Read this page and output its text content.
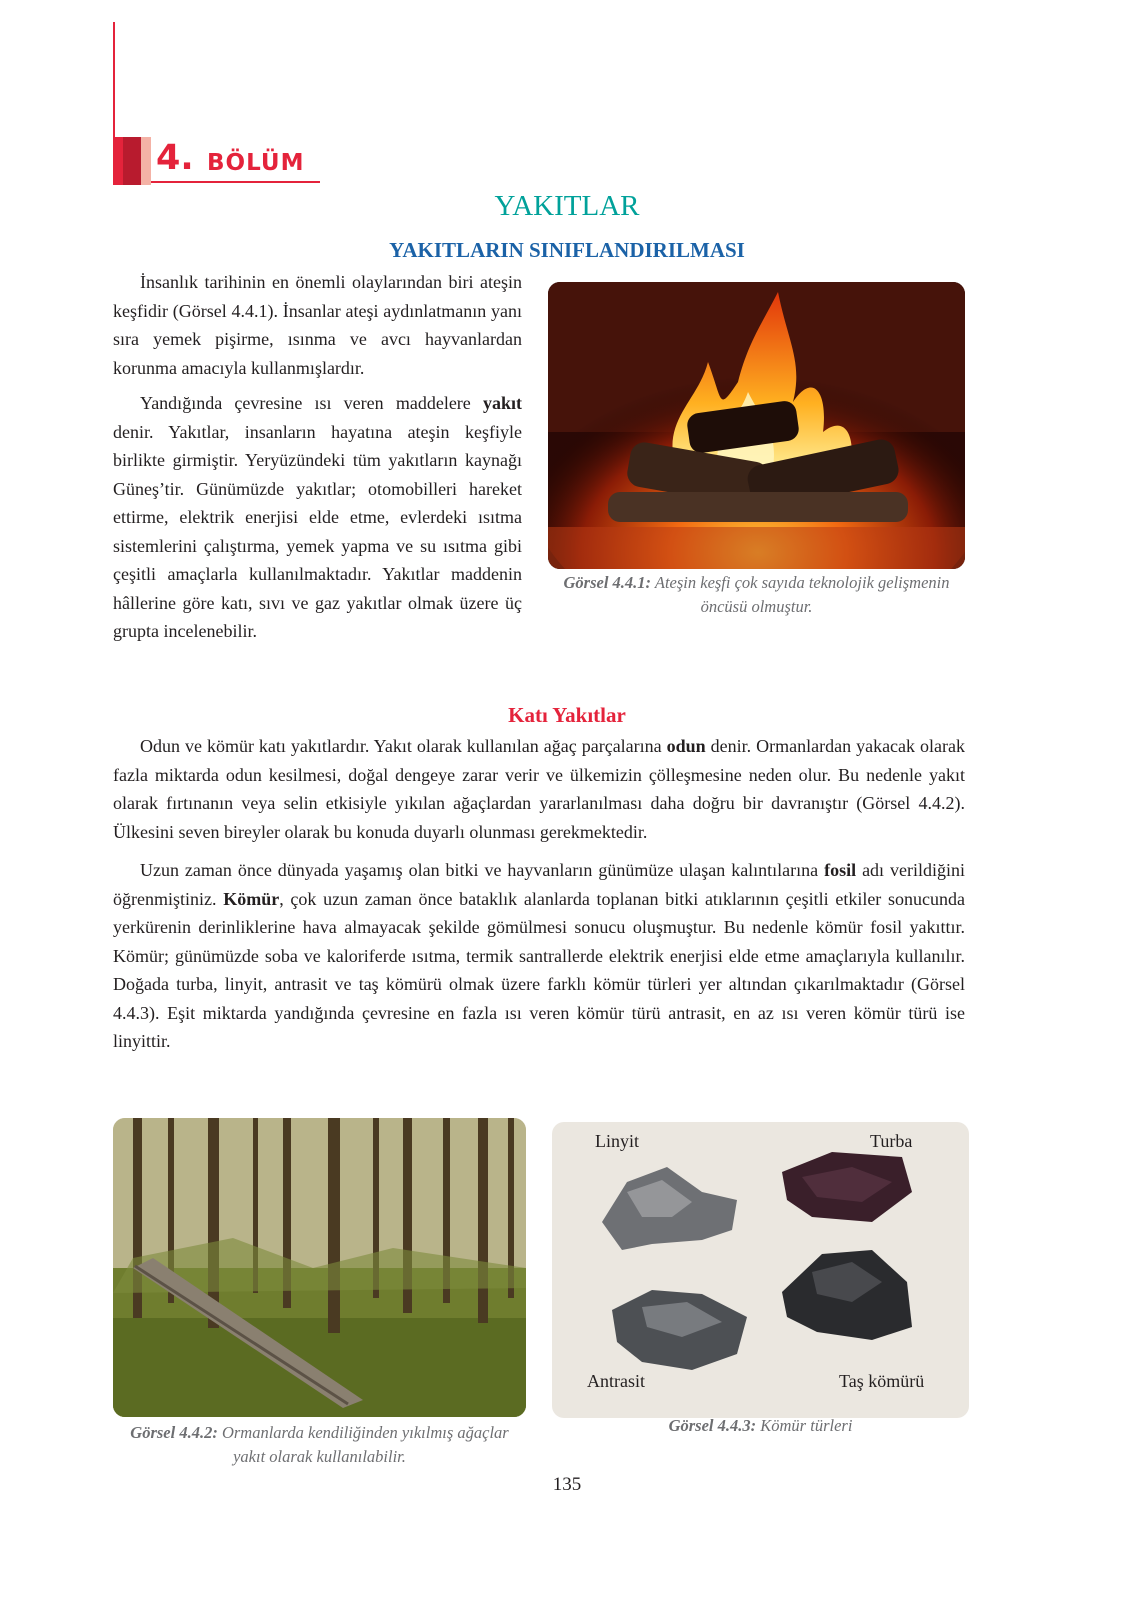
4. BÖLÜM
YAKITLAR
YAKITLARIN SINIFLANDIRILMASI

İnsanlık tarihinin en önemli olaylarından biri ateşin keşfidir (Görsel 4.4.1). İnsanlar ateşi aydınlatmanın yanı sıra yemek pişirme, ısınma ve avcı hayvanlardan korunma amacıyla kullanmışlardır.

Yandığında çevresine ısı veren maddelere yakıt denir. Yakıtlar, insanların hayatına ateşin keşfiyle birlikte girmiştir. Yeryüzündeki tüm yakıtların kaynağı Güneş’tir. Günümüzde yakıtlar; otomobilleri hareket ettirme, elektrik enerjisi elde etme, evlerdeki ısıtma sistemlerini çalıştırma, yemek yapma ve su ısıtma gibi çeşitli amaçlarla kullanılmaktadır. Yakıtlar maddenin hâllerine göre katı, sıvı ve gaz yakıtlar olmak üzere üç grupta incelenebilir.

Görsel 4.4.1: Ateşin keşfi çok sayıda teknolojik gelişmenin öncüsü olmuştur.
Katı Yakıtlar

Odun ve kömür katı yakıtlardır. Yakıt olarak kullanılan ağaç parçalarına odun denir. Ormanlardan yakacak olarak fazla miktarda odun kesilmesi, doğal dengeye zarar verir ve ülkemizin çölleşmesine neden olur. Bu nedenle yakıt olarak fırtınanın veya selin etkisiyle yıkılan ağaçlardan yararlanılması daha doğru bir davranıştır (Görsel 4.4.2). Ülkesini seven bireyler olarak bu konuda duyarlı olunması gerekmektedir.

Uzun zaman önce dünyada yaşamış olan bitki ve hayvanların günümüze ulaşan kalıntılarına fosil adı verildiğini öğrenmiştiniz. Kömür, çok uzun zaman önce bataklık alanlarda toplanan bitki atıklarının çeşitli etkiler sonucunda yerkürenin derinliklerine hava almayacak şekilde gömülmesi sonucu oluşmuştur. Bu nedenle kömür fosil yakıttır. Kömür; günümüzde soba ve kaloriferde ısıtma, termik santrallerde elektrik enerjisi elde etme amaçlarıyla kullanılır. Doğada turba, linyit, antrasit ve taş kömürü olmak üzere farklı kömür türleri yer altından çıkarılmaktadır (Görsel 4.4.3). Eşit miktarda yandığında çevresine en fazla ısı veren kömür türü antrasit, en az ısı veren kömür türü ise linyittir.

Görsel 4.4.2: Ormanlarda kendiliğinden yıkılmış ağaçlar yakıt olarak kullanılabilir.
Linyit	Turba
Antrasit	Taş kömürü
Görsel 4.4.3: Kömür türleri
135
